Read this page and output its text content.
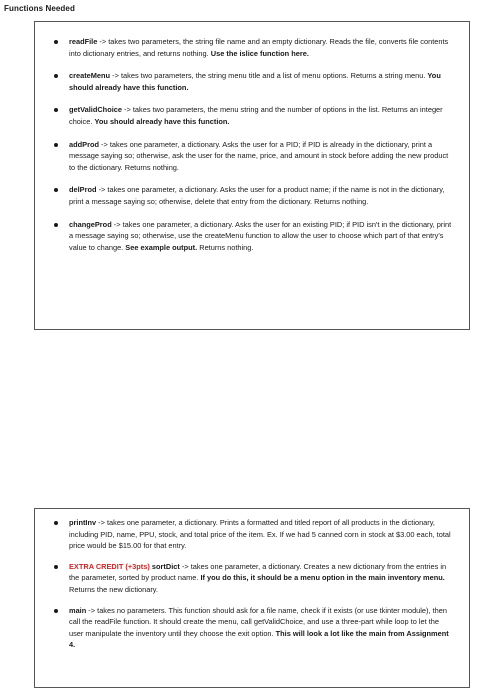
Functions Needed
readFile -> takes two parameters, the string file name and an empty dictionary. Reads the file, converts file contents into dictionary entries, and returns nothing. Use the islice function here.
createMenu -> takes two parameters, the string menu title and a list of menu options. Returns a string menu. You should already have this function.
getValidChoice -> takes two parameters, the menu string and the number of options in the list. Returns an integer choice. You should already have this function.
addProd -> takes one parameter, a dictionary. Asks the user for a PID; if PID is already in the dictionary, print a message saying so; otherwise, ask the user for the name, price, and amount in stock before adding the new product to the dictionary. Returns nothing.
delProd -> takes one parameter, a dictionary. Asks the user for a product name; if the name is not in the dictionary, print a message saying so; otherwise, delete that entry from the dictionary. Returns nothing.
changeProd -> takes one parameter, a dictionary. Asks the user for an existing PID; if PID isn't in the dictionary, print a message saying so; otherwise, use the createMenu function to allow the user to choose which part of that entry's value to change. See example output. Returns nothing.
printInv -> takes one parameter, a dictionary. Prints a formatted and titled report of all products in the dictionary, including PID, name, PPU, stock, and total price of the item. Ex. If we had 5 canned corn in stock at $3.00 each, total price would be $15.00 for that entry.
EXTRA CREDIT (+3pts) sortDict -> takes one parameter, a dictionary. Creates a new dictionary from the entries in the parameter, sorted by product name. If you do this, it should be a menu option in the main inventory menu. Returns the new dictionary.
main -> takes no parameters. This function should ask for a file name, check if it exists (or use tkinter module), then call the readFile function. It should create the menu, call getValidChoice, and use a three-part while loop to let the user manipulate the inventory until they choose the exit option. This will look a lot like the main from Assignment 4.
